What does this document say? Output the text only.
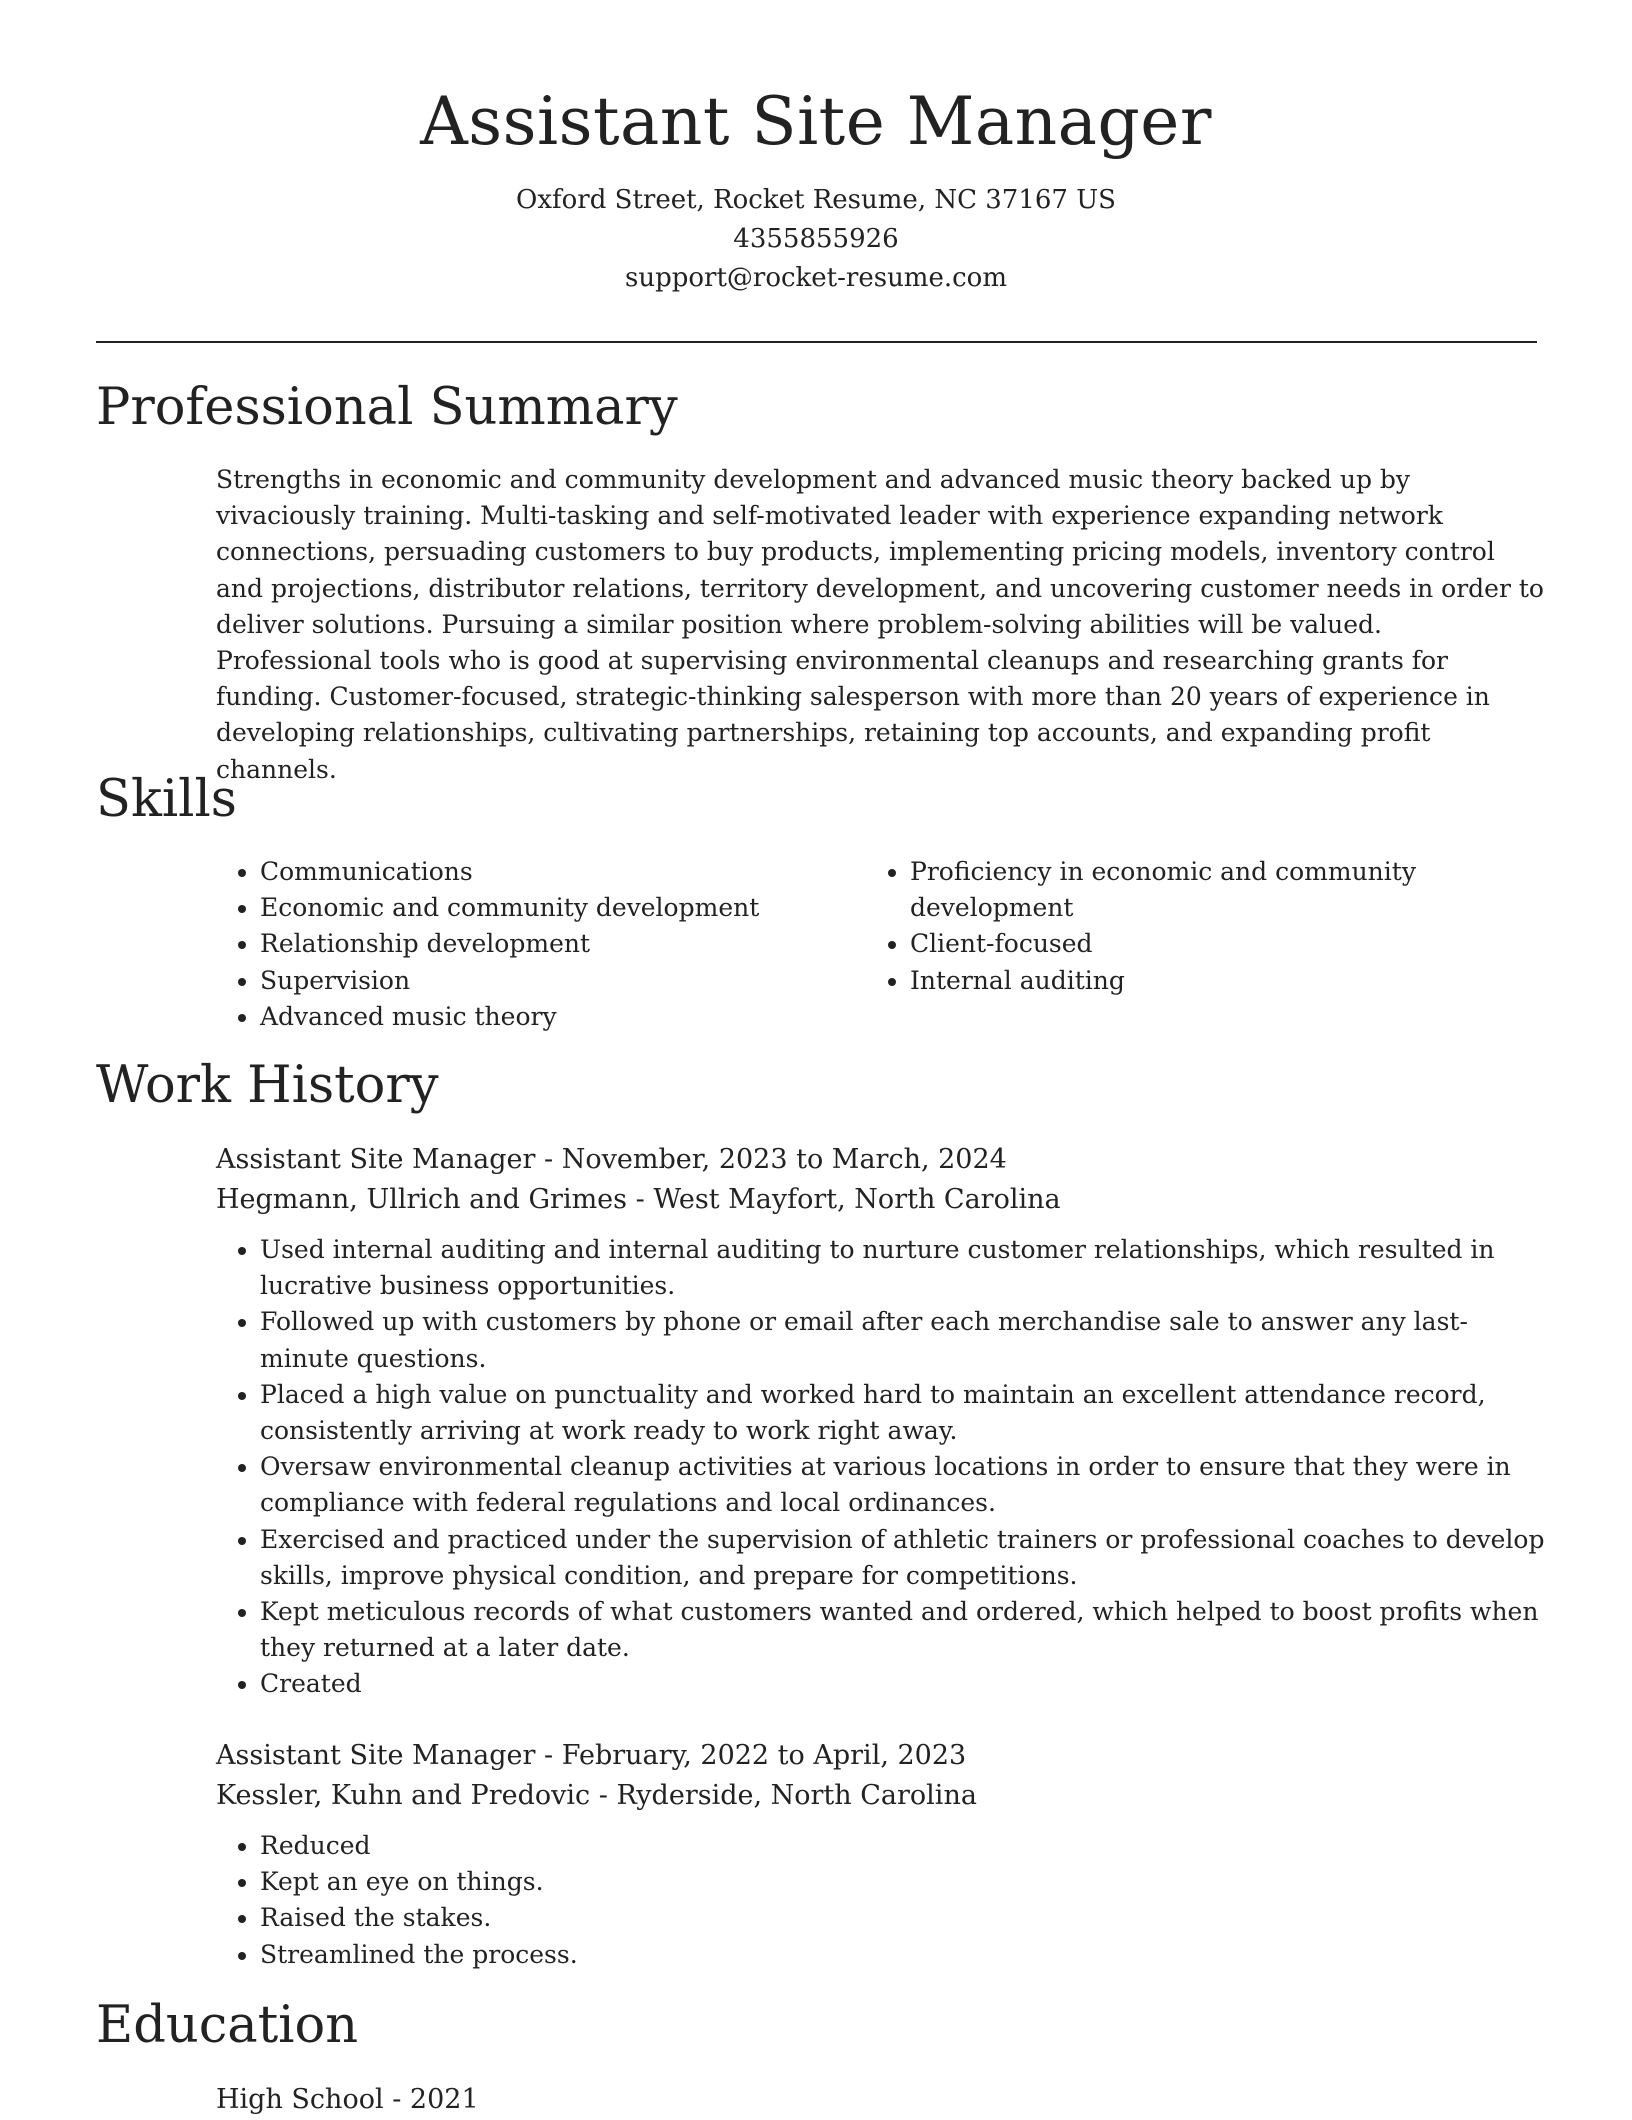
Assistant Site Manager
Oxford Street, Rocket Resume, NC 37167 US
4355855926
support@rocket-resume.com
Professional Summary

Strengths in economic and community development and advanced music theory backed up by vivaciously training. Multi-tasking and self-motivated leader with experience expanding network connections, persuading customers to buy products, implementing pricing models, inventory control and projections, distributor relations, territory development, and uncovering customer needs in order to deliver solutions. Pursuing a similar position where problem-solving abilities will be valued. Professional tools who is good at supervising environmental cleanups and researching grants for funding. Customer-focused, strategic-thinking salesperson with more than 20 years of experience in developing relationships, cultivating partnerships, retaining top accounts, and expanding profit channels.

Skills
• Communications
• Economic and community development
• Relationship development
• Supervision
• Advanced music theory
• Proficiency in economic and community development
• Client-focused
• Internal auditing
Work History
Assistant Site Manager - November, 2023 to March, 2024
Hegmann, Ullrich and Grimes - West Mayfort, North Carolina
• Used internal auditing and internal auditing to nurture customer relationships, which resulted in lucrative business opportunities.
• Followed up with customers by phone or email after each merchandise sale to answer any last-minute questions.
• Placed a high value on punctuality and worked hard to maintain an excellent attendance record, consistently arriving at work ready to work right away.
• Oversaw environmental cleanup activities at various locations in order to ensure that they were in compliance with federal regulations and local ordinances.
• Exercised and practiced under the supervision of athletic trainers or professional coaches to develop skills, improve physical condition, and prepare for competitions.
• Kept meticulous records of what customers wanted and ordered, which helped to boost profits when they returned at a later date.
• Created
Assistant Site Manager - February, 2022 to April, 2023
Kessler, Kuhn and Predovic - Ryderside, North Carolina
• Reduced
• Kept an eye on things.
• Raised the stakes.
• Streamlined the process.
Education
High School - 2021
